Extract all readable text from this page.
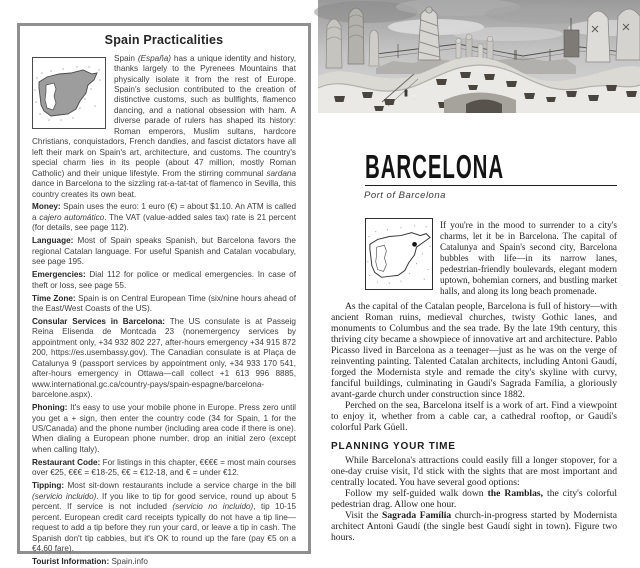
Spain Practicalities

Spain (España) has a unique identity and history, thanks largely to the Pyrenees Mountains that physically isolate it from the rest of Europe. Spain's seclusion contributed to the creation of distinctive customs, such as bullfights, flamenco dancing, and a national obsession with ham. A diverse parade of rulers has shaped its history: Roman emperors, Muslim sultans, hardcore Christians, conquistadors, French dandies, and fascist dictators have all left their mark on Spain's art, architecture, and customs. The country's special charm lies in its people (about 47 million, mostly Roman Catholic) and their unique lifestyle. From the stirring communal sardana dance in Barcelona to the sizzling rat-a-tat-tat of flamenco in Sevilla, this country creates its own beat.

Money: Spain uses the euro: 1 euro (€) = about $1.10. An ATM is called a cajero automático. The VAT (value-added sales tax) rate is 21 percent (for details, see page 112).

Language: Most of Spain speaks Spanish, but Barcelona favors the regional Catalan language. For useful Spanish and Catalan vocabulary, see page 195.

Emergencies: Dial 112 for police or medical emergencies. In case of theft or loss, see page 55.

Time Zone: Spain is on Central European Time (six/nine hours ahead of the East/West Coasts of the US).

Consular Services in Barcelona: The US consulate is at Passeig Reina Elisenda de Montcada 23 (nonemergency services by appointment only, +34 932 802 227, after-hours emergency +34 915 872 200, https://es.usembassy.gov). The Canadian consulate is at Plaça de Catalunya 9 (passport services by appointment only, +34 933 170 541, after-hours emergency in Ottawa—call collect +1 613 996 8885, www.international.gc.ca/country-pays/spain-espagne/barcelona-barcelone.aspx).

Phoning: It's easy to use your mobile phone in Europe. Press zero until you get a + sign, then enter the country code (34 for Spain, 1 for the US/Canada) and the phone number (including area code if there is one). When dialing a European phone number, drop an initial zero (except when calling Italy).

Restaurant Code: For listings in this chapter, €€€€ = most main courses over €25, €€€ = €18-25, €€ = €12-18, and € = under €12.

Tipping: Most sit-down restaurants include a service charge in the bill (servicio incluido). If you like to tip for good service, round up about 5 percent. If service is not included (servicio no incluido), tip 10-15 percent. European credit card receipts typically do not have a tip line—request to add a tip before they run your card, or leave a tip in cash. The Spanish don't tip cabbies, but it's OK to round up the fare (pay €5 on a €4.60 fare).

Tourist Information: Spain.info

BARCELONA
Port of Barcelona

If you're in the mood to surrender to a city's charms, let it be in Barcelona. The capital of Catalunya and Spain's second city, Barcelona bubbles with life—in its narrow lanes, pedestrian-friendly boulevards, elegant modern uptown, bohemian corners, and bustling market halls, and along its long beach promenade.

As the capital of the Catalan people, Barcelona is full of history—with ancient Roman ruins, medieval churches, twisty Gothic lanes, and monuments to Columbus and the sea trade. By the late 19th century, this thriving city became a showpiece of innovative art and architecture. Pablo Picasso lived in Barcelona as a teenager—just as he was on the verge of reinventing painting. Talented Catalan architects, including Antoni Gaudí, forged the Modernista style and remade the city's skyline with curvy, fanciful buildings, culminating in Gaudí's Sagrada Família, a gloriously avant-garde church under construction since 1882.

Perched on the sea, Barcelona itself is a work of art. Find a viewpoint to enjoy it, whether from a cable car, a cathedral rooftop, or Gaudí's colorful Park Güell.

PLANNING YOUR TIME

While Barcelona's attractions could easily fill a longer stopover, for a one-day cruise visit, I'd stick with the sights that are most important and centrally located. You have several good options:

Follow my self-guided walk down the Ramblas, the city's colorful pedestrian drag. Allow one hour.

Visit the Sagrada Família church-in-progress started by Modernista architect Antoni Gaudí (the single best Gaudí sight in town). Figure two hours.
